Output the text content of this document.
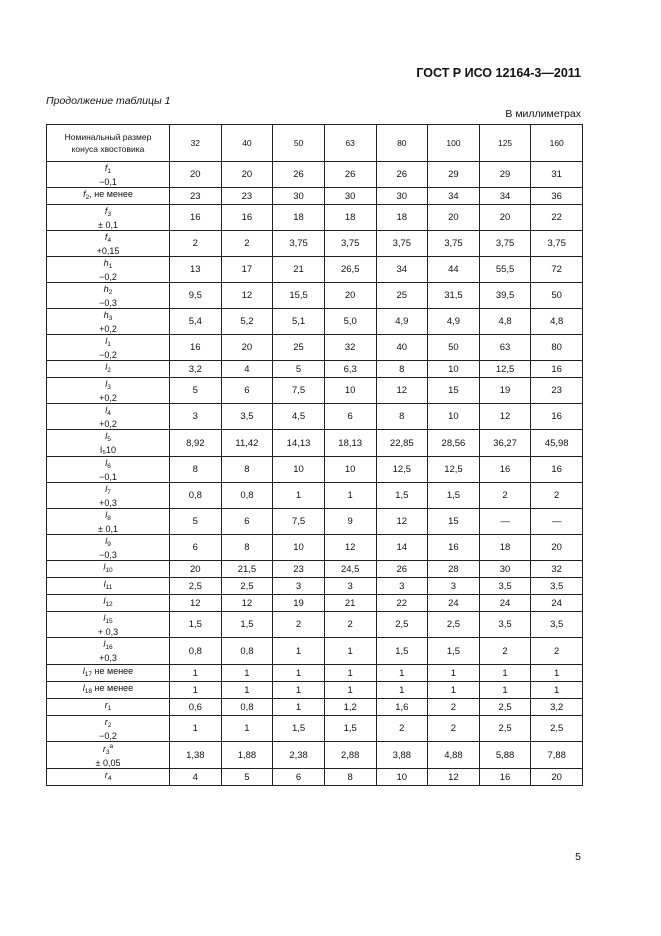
ГОСТ Р ИСО 12164-3—2011
Продолжение таблицы 1
В миллиметрах
Номинальный размер
конуса хвостовика	32	40	50	63	80	100	125	160
$f_1$
−0,1	20	20	26	26	26	29	29	31
$f_2$, не менее	23	23	30	30	30	34	34	36
$f_3$
± 0,1	16	16	18	18	18	20	20	22
$f_4$
+0,15	2	2	3,75	3,75	3,75	3,75	3,75	3,75
$h_1$
−0,2	13	17	21	26,5	34	44	55,5	72
$h_2$
−0,3	9,5	12	15,5	20	25	31,5	39,5	50
$h_3$
+0,2	5,4	5,2	5,1	5,0	4,9	4,9	4,8	4,8
$l_1$
−0,2	16	20	25	32	40	50	63	80
$l_2$	3,2	4	5	6,3	8	10	12,5	16
$l_3$
+0,2	5	6	7,5	10	12	15	19	23
$l_4$
+0,2	3	3,5	4,5	6	8	10	12	16
$l_5$
I₅10	8,92	11,42	14,13	18,13	22,85	28,56	36,27	45,98
$l_6$
−0,1	8	8	10	10	12,5	12,5	16	16
$l_7$
+0,3	0,8	0,8	1	1	1,5	1,5	2	2
$l_8$
± 0,1	5	6	7,5	9	12	15	—	—
$l_9$
−0,3	6	8	10	12	14	16	18	20
$l_{10}$	20	21,5	23	24,5	26	28	30	32
$l_{11}$	2,5	2,5	3	3	3	3	3,5	3,5
$l_{12}$	12	12	19	21	22	24	24	24
$l_{15}$
+ 0,3	1,5	1,5	2	2	2,5	2,5	3,5	3,5
$l_{16}$
+0,3	0,8	0,8	1	1	1,5	1,5	2	2
$l_{17}$ не менее	1	1	1	1	1	1	1	1
$l_{18}$ не менее	1	1	1	1	1	1	1	1
$r_1$	0,6	0,8	1	1,2	1,6	2	2,5	3,2
$r_2$
−0,2	1	1	1,5	1,5	2	2	2,5	2,5
$r_3^a$
± 0,05	1,38	1,88	2,38	2,88	3,88	4,88	5,88	7,88
$r_4$	4	5	6	8	10	12	16	20
5
